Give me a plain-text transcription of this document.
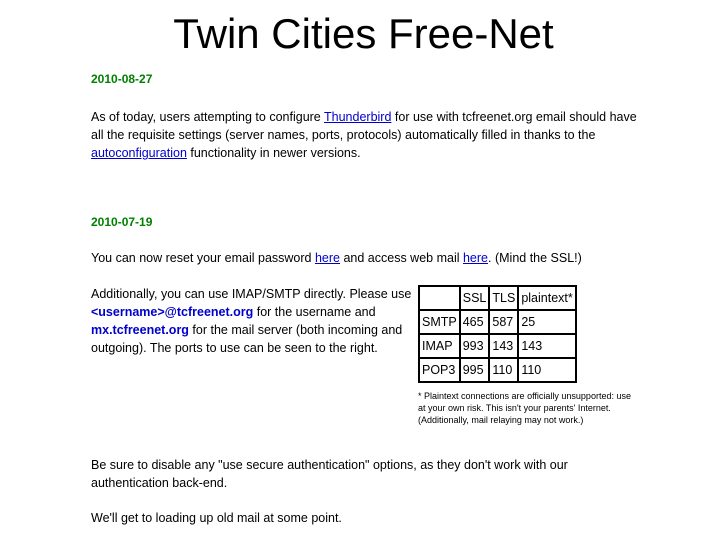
Twin Cities Free-Net

2010-08-27

As of today, users attempting to configure Thunderbird for use with tcfreenet.org email should have all the requisite settings (server names, ports, protocols) automatically filled in thanks to the autoconfiguration functionality in newer versions.

2010-07-19

You can now reset your email password here and access web mail here. (Mind the SSL!)

Additionally, you can use IMAP/SMTP directly. Please use <username>@tcfreenet.org for the username and mx.tcfreenet.org for the mail server (both incoming and outgoing). The ports to use can be seen to the right.

	SSL	TLS	plaintext*
SMTP	465	587	25
IMAP	993	143	143
POP3	995	110	110

* Plaintext connections are officially unsupported: use at your own risk. This isn't your parents' Internet. (Additionally, mail relaying may not work.)

Be sure to disable any "use secure authentication" options, as they don't work with our authentication back-end.

We'll get to loading up old mail at some point.
